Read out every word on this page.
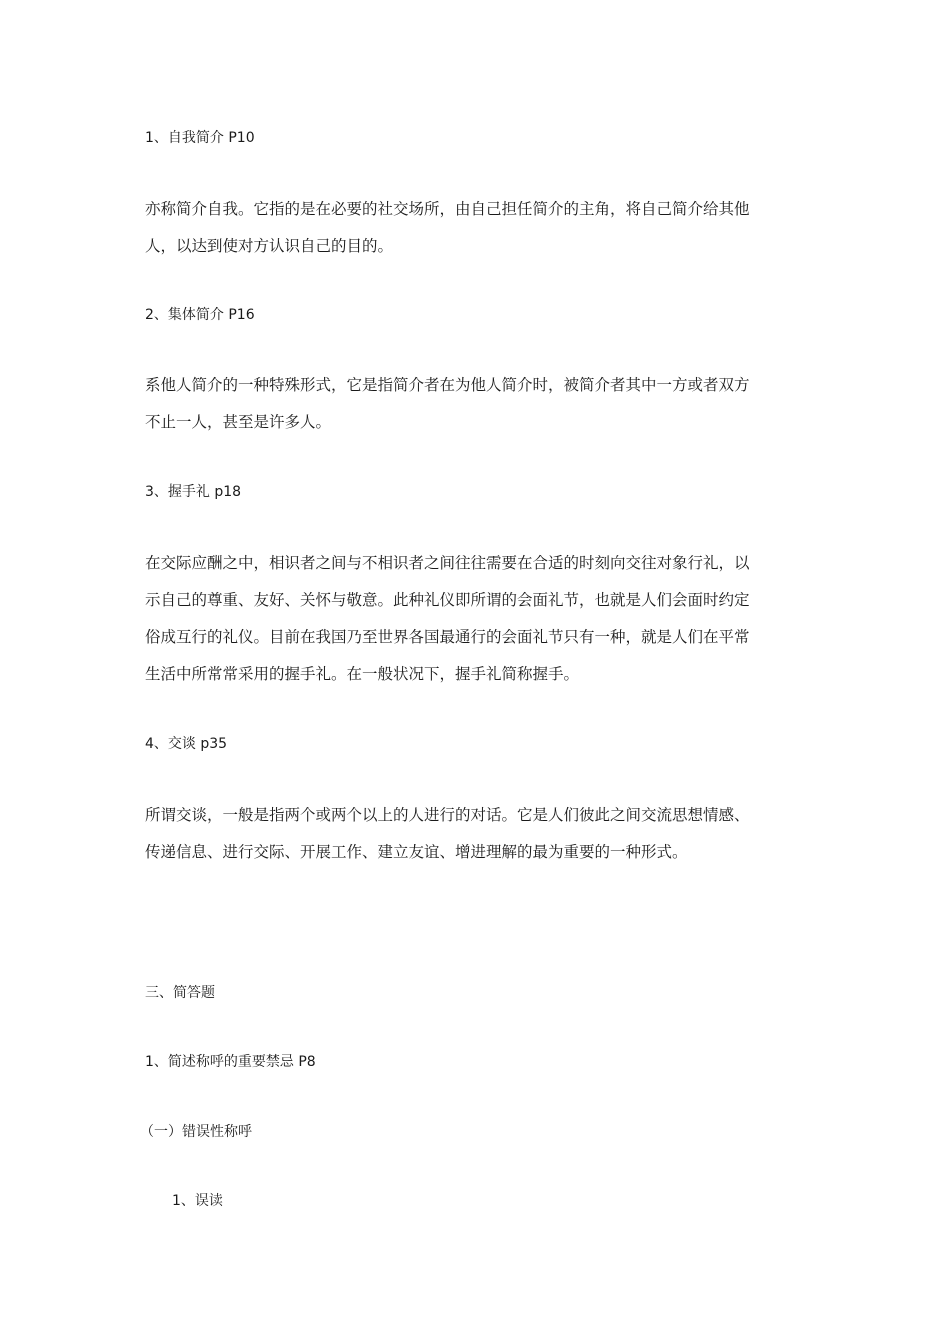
1、自我简介 P10
亦称简介自我。它指的是在必要的社交场所，由自己担任简介的主角，将自己简介给其他
人，以达到使对方认识自己的目的。
2、集体简介 P16
系他人简介的一种特殊形式，它是指简介者在为他人简介时，被简介者其中一方或者双方
不止一人，甚至是许多人。
3、握手礼 p18
在交际应酬之中，相识者之间与不相识者之间往往需要在合适的时刻向交往对象行礼，以
示自己的尊重、友好、关怀与敬意。此种礼仪即所谓的会面礼节，也就是人们会面时约定
俗成互行的礼仪。目前在我国乃至世界各国最通行的会面礼节只有一种，就是人们在平常
生活中所常常采用的握手礼。在一般状况下，握手礼简称握手。
4、交谈 p35
所谓交谈，一般是指两个或两个以上的人进行的对话。它是人们彼此之间交流思想情感、
传递信息、进行交际、开展工作、建立友谊、增进理解的最为重要的一种形式。
三、简答题
1、简述称呼的重要禁忌 P8
（一）错误性称呼
1、误读
